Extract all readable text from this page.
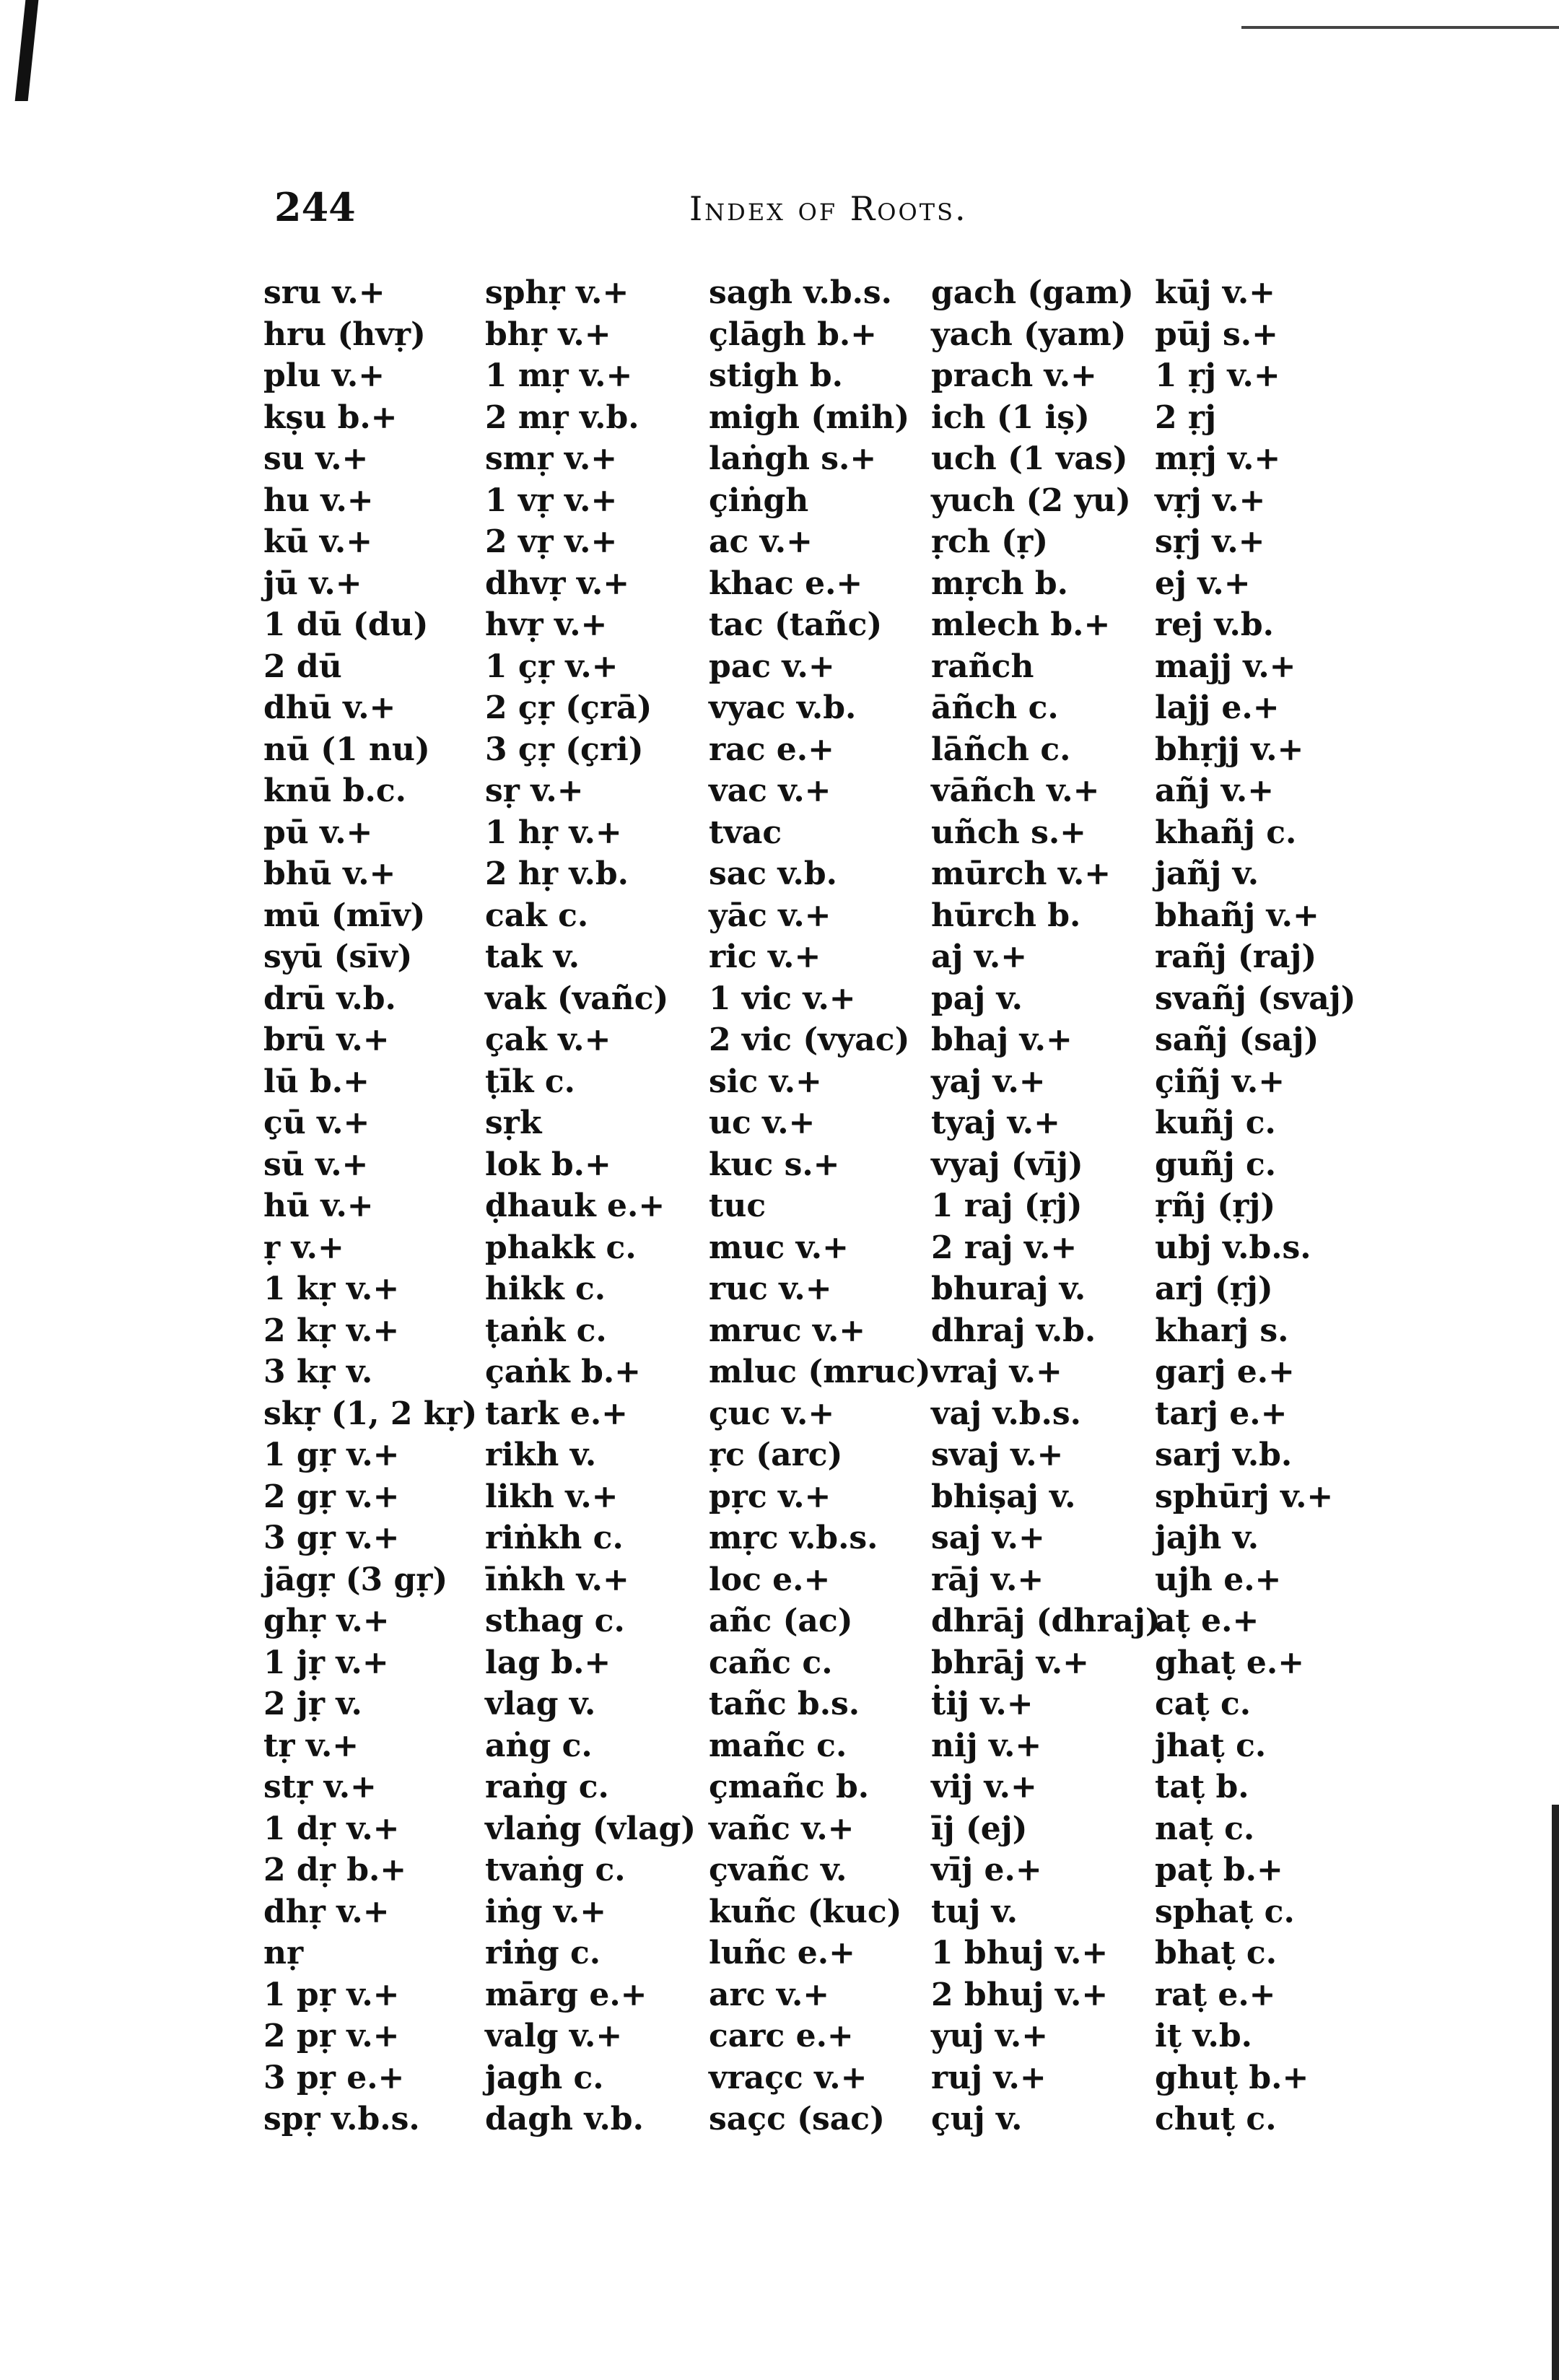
244	Index of Roots.
sru v.+
hru (hvṛ)
plu v.+
kṣu b.+
su v.+
hu v.+
kū v.+
jū v.+
1 dū (du)
2 dū
dhū v.+
nū (1 nu)
knū b.c.
pū v.+
bhū v.+
mū (mīv)
syū (sīv)
drū v.b.
brū v.+
lū b.+
çū v.+
sū v.+
hū v.+
ṛ v.+
1 kṛ v.+
2 kṛ v.+
3 kṛ v.
skṛ (1, 2 kṛ)
1 gṛ v.+
2 gṛ v.+
3 gṛ v.+
jāgṛ (3 gṛ)
ghṛ v.+
1 jṛ v.+
2 jṛ v.
tṛ v.+
stṛ v.+
1 dṛ v.+
2 dṛ b.+
dhṛ v.+
nṛ
1 pṛ v.+
2 pṛ v.+
3 pṛ e.+
spṛ v.b.s.
sphṛ v.+
bhṛ v.+
1 mṛ v.+
2 mṛ v.b.
smṛ v.+
1 vṛ v.+
2 vṛ v.+
dhvṛ v.+
hvṛ v.+
1 çṛ v.+
2 çṛ (çrā)
3 çṛ (çri)
sṛ v.+
1 hṛ v.+
2 hṛ v.b.
cak c.
tak v.
vak (vañc)
çak v.+
ṭīk c.
sṛk
lok b.+
ḍhauk e.+
phakk c.
hikk c.
ṭaṅk c.
çaṅk b.+
tark e.+
rikh v.
likh v.+
riṅkh c.
īṅkh v.+
sthag c.
lag b.+
vlag v.
aṅg c.
raṅg c.
vlaṅg (vlag)
tvaṅg c.
iṅg v.+
riṅg c.
mārg e.+
valg v.+
jagh c.
dagh v.b.
sagh v.b.s.
çlāgh b.+
stigh b.
migh (mih)
laṅgh s.+
çiṅgh
ac v.+
khac e.+
tac (tañc)
pac v.+
vyac v.b.
rac e.+
vac v.+
tvac
sac v.b.
yāc v.+
ric v.+
1 vic v.+
2 vic (vyac)
sic v.+
uc v.+
kuc s.+
tuc
muc v.+
ruc v.+
mruc v.+
mluc (mruc)
çuc v.+
ṛc (arc)
pṛc v.+
mṛc v.b.s.
loc e.+
añc (ac)
cañc c.
tañc b.s.
mañc c.
çmañc b.
vañc v.+
çvañc v.
kuñc (kuc)
luñc e.+
arc v.+
carc e.+
vraçc v.+
saçc (sac)
gach (gam)
yach (yam)
prach v.+
ich (1 iṣ)
uch (1 vas)
yuch (2 yu)
ṛch (ṛ)
mṛch b.
mlech b.+
rañch
āñch c.
lāñch c.
vāñch v.+
uñch s.+
mūrch v.+
hūrch b.
aj v.+
paj v.
bhaj v.+
yaj v.+
tyaj v.+
vyaj (vīj)
1 raj (ṛj)
2 raj v.+
bhuraj v.
dhraj v.b.
vraj v.+
vaj v.b.s.
svaj v.+
bhiṣaj v.
saj v.+
rāj v.+
dhrāj (dhraj)
bhrāj v.+
ṫij v.+
nij v.+
vij v.+
īj (ej)
vīj e.+
tuj v.
1 bhuj v.+
2 bhuj v.+
yuj v.+
ruj v.+
çuj v.
kūj v.+
pūj s.+
1 ṛj v.+
2 ṛj
mṛj v.+
vṛj v.+
sṛj v.+
ej v.+
rej v.b.
majj v.+
lajj e.+
bhṛjj v.+
añj v.+
khañj c.
jañj v.
bhañj v.+
rañj (raj)
svañj (svaj)
sañj (saj)
çiñj v.+
kuñj c.
guñj c.
ṛñj (ṛj)
ubj v.b.s.
arj (ṛj)
kharj s.
garj e.+
tarj e.+
sarj v.b.
sphūrj v.+
jajh v.
ujh e.+
aṭ e.+
ghaṭ e.+
caṭ c.
jhaṭ c.
taṭ b.
naṭ c.
paṭ b.+
sphaṭ c.
bhaṭ c.
raṭ e.+
iṭ v.b.
ghuṭ b.+
chuṭ c.
